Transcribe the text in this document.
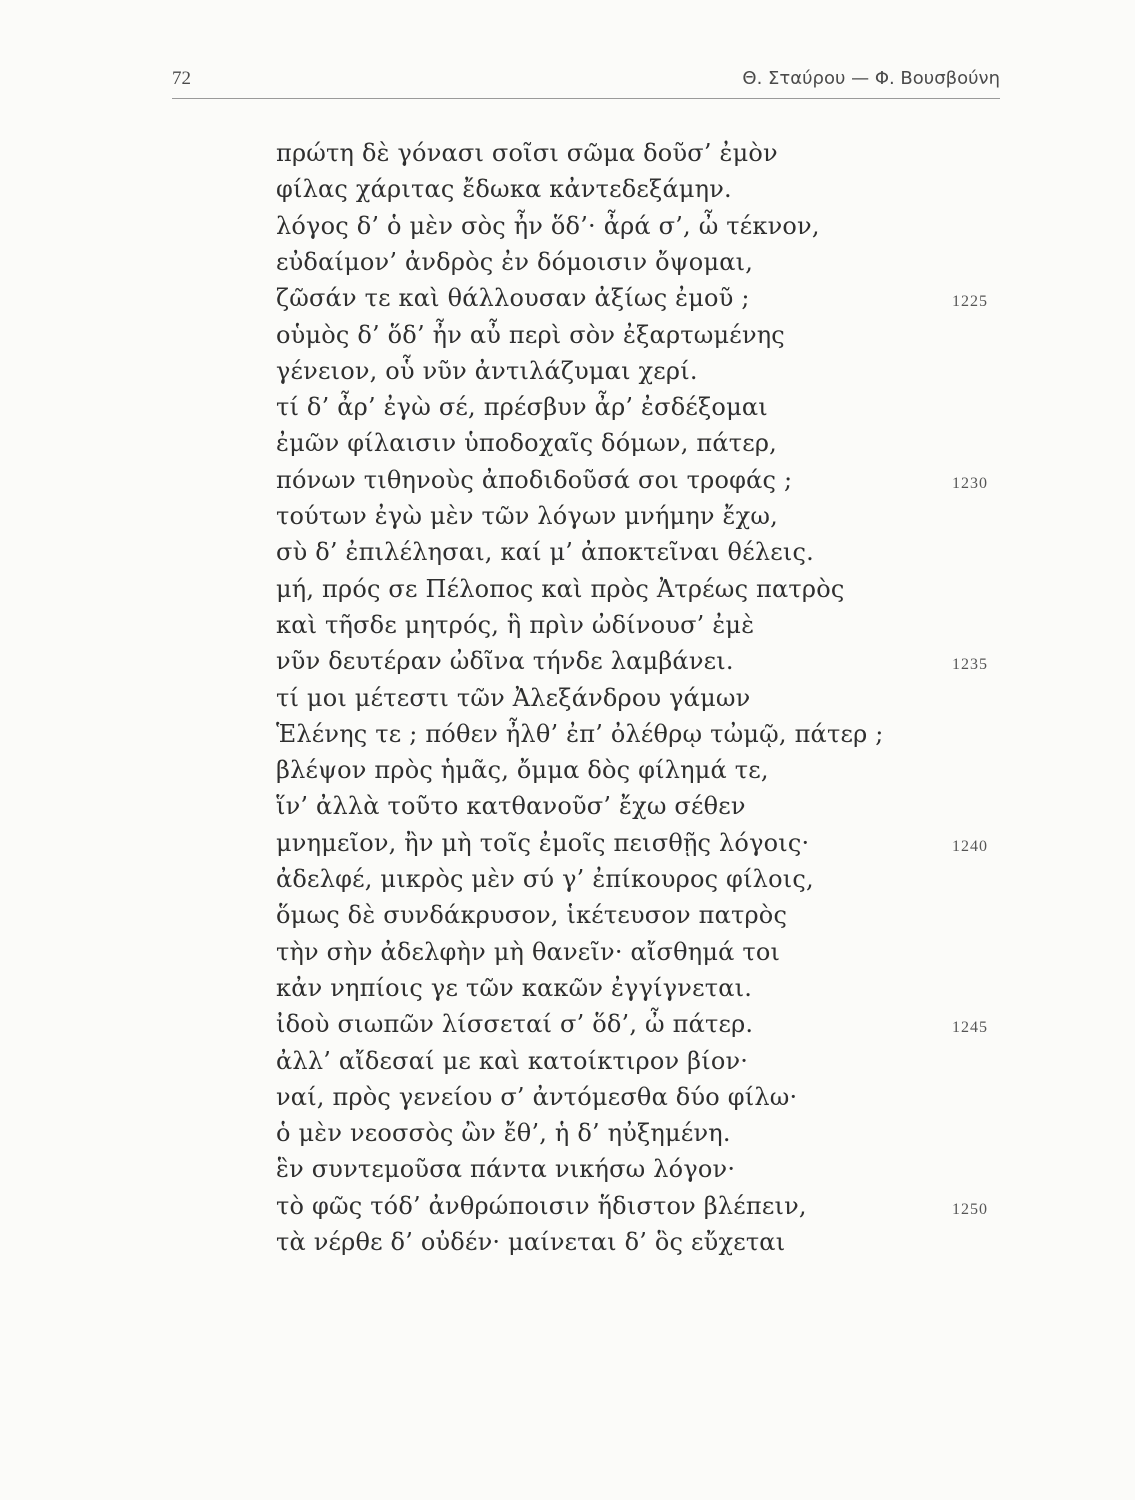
72	Θ. Σταύρου — Φ. Βουσβούνη
πρώτη δὲ γόνασι σοῖσι σῶμα δοῦσ’ ἐμὸν
φίλας χάριτας ἔδωκα κἀντεδεξάμην.
λόγος δ’ ὁ μὲν σὸς ἦν ὅδ’· ἆρά σ’, ὦ τέκνον,
εὐδαίμον’ ἀνδρὸς ἐν δόμοισιν ὄψομαι,
ζῶσάν τε καὶ θάλλουσαν ἀξίως ἐμοῦ ;	1225
οὑμὸς δ’ ὅδ’ ἦν αὖ περὶ σὸν ἐξαρτωμένης
γένειον, οὗ νῦν ἀντιλάζυμαι χερί.
τί δ’ ἆρ’ ἐγὼ σέ, πρέσβυν ἆρ’ ἐσδέξομαι
ἐμῶν φίλαισιν ὑποδοχαῖς δόμων, πάτερ,
πόνων τιθηνοὺς ἀποδιδοῦσά σοι τροφάς ;	1230
τούτων ἐγὼ μὲν τῶν λόγων μνήμην ἔχω,
σὺ δ’ ἐπιλέλησαι, καί μ’ ἀποκτεῖναι θέλεις.
μή, πρός σε Πέλοπος καὶ πρὸς Ἀτρέως πατρὸς
καὶ τῆσδε μητρός, ἣ πρὶν ὠδίνουσ’ ἐμὲ
νῦν δευτέραν ὠδῖνα τήνδε λαμβάνει.	1235
τί μοι μέτεστι τῶν Ἀλεξάνδρου γάμων
Ἑλένης τε ; πόθεν ἦλθ’ ἐπ’ ὀλέθρῳ τὠμῷ, πάτερ ;
βλέψον πρὸς ἡμᾶς, ὄμμα δὸς φίλημά τε,
ἵν’ ἀλλὰ τοῦτο κατθανοῦσ’ ἔχω σέθεν
μνημεῖον, ἢν μὴ τοῖς ἐμοῖς πεισθῇς λόγοις·	1240
ἀδελφέ, μικρὸς μὲν σύ γ’ ἐπίκουρος φίλοις,
ὅμως δὲ συνδάκρυσον, ἱκέτευσον πατρὸς
τὴν σὴν ἀδελφὴν μὴ θανεῖν· αἴσθημά τοι
κἀν νηπίοις γε τῶν κακῶν ἐγγίγνεται.
ἰδοὺ σιωπῶν λίσσεταί σ’ ὅδ’, ὦ πάτερ.	1245
ἀλλ’ αἴδεσαί με καὶ κατοίκτιρον βίον·
ναί, πρὸς γενείου σ’ ἀντόμεσθα δύο φίλω·
ὁ μὲν νεοσσὸς ὢν ἔθ’, ἡ δ’ ηὐξημένη.
ἓν συντεμοῦσα πάντα νικήσω λόγον·
τὸ φῶς τόδ’ ἀνθρώποισιν ἥδιστον βλέπειν,	1250
τὰ νέρθε δ’ οὐδέν· μαίνεται δ’ ὃς εὔχεται
